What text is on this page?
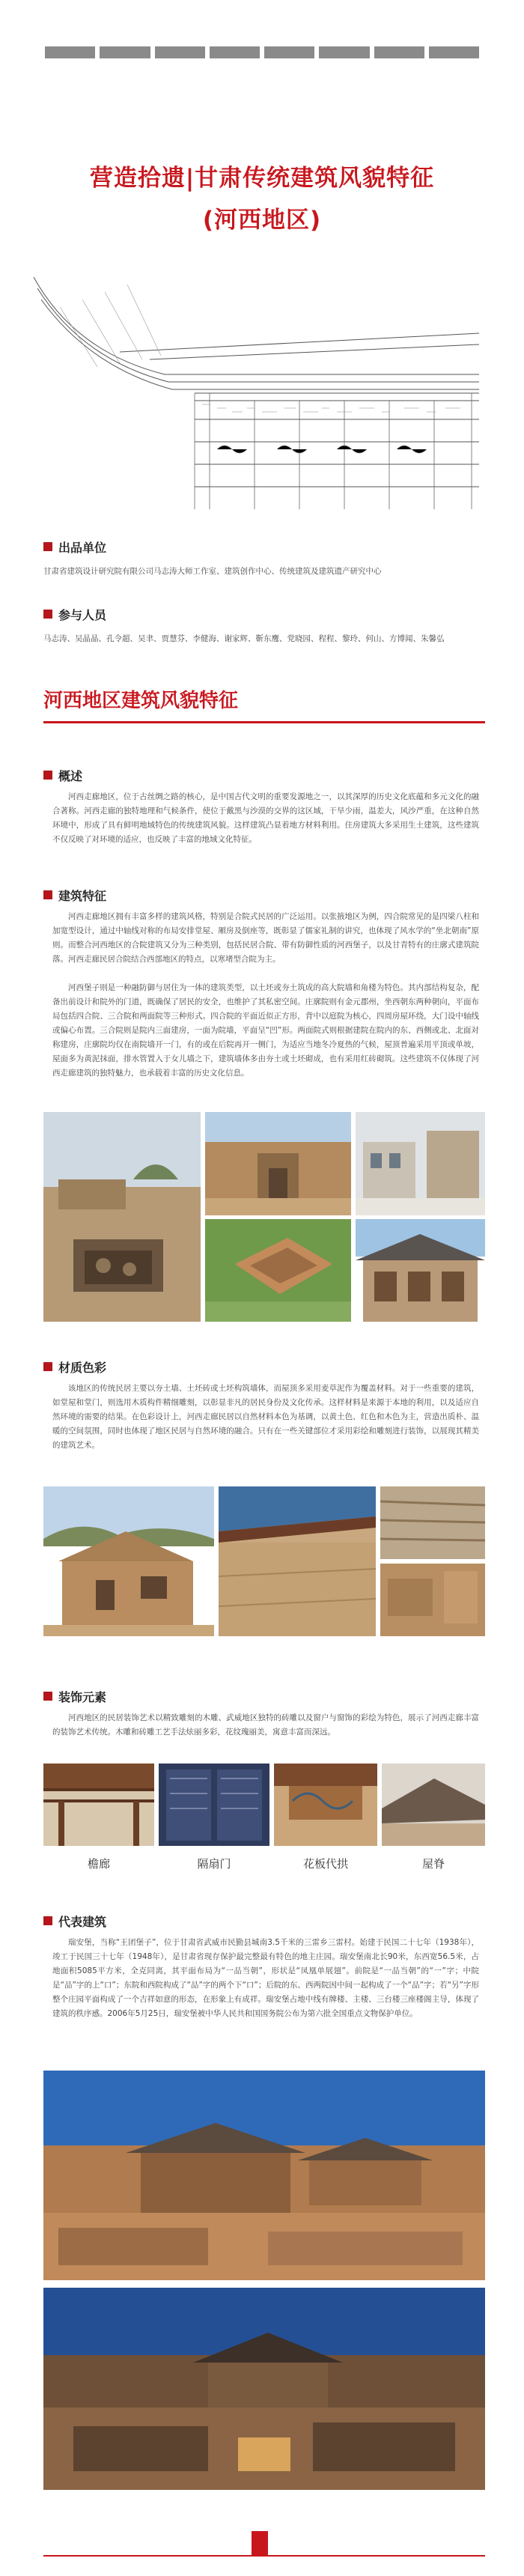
营造拾遗|甘肃传统建筑风貌特征
(河西地区)
出品单位
甘肃省建筑设计研究院有限公司马志涛大师工作室、建筑创作中心、传统建筑及建筑遗产研究中心
参与人员
马志涛、吴晶晶、孔令超、吴聿、贾慧芬、李健海、谢家辉、靳东鹰、党晓园、程程、黎玲、何山、方博闻、朱馨弘
河西地区建筑风貌特征
概述
河西走廊地区，位于古丝绸之路的核心，是中国古代文明的重要发源地之一，以其深厚的历史文化底蕴和多元文化的融合著称。河西走廊的独特地理和气候条件，使位于戴黑与沙漠的交界的这区域，干旱少雨，温差大，风沙严重，在这种自然环境中，形成了具有鲜明地域特色的传统建筑风貌。这样建筑凸显着地方材料利用。住房建筑大多采用生土建筑，这些建筑不仅反映了对环境的适应，也反映了丰富的地域文化特征。
建筑特征
河西走廊地区拥有丰富多样的建筑风格，特别是合院式民居的广泛运用。以张掖地区为例，四合院常见的是四梁八柱和加宽型设计，通过中轴线对称的布局安排堂屋、厢房及倒座等，既彰显了儒家礼制的讲究，也体现了风水学的“坐北朝南”原则。而整合河西地区的合院建筑又分为三种类别，包括民居合院、带有防御性质的河西堡子，以及甘青特有的庄廓式建筑院落。河西走廊民居合院结合西部地区的特点，以寒堵型合院为主。
河西堡子则是一种融防御与居住为一体的建筑类型，以土坯或夯土筑成的高大院墙和角楼为特色。其内部结构复杂，配备出前设计和院外的门道，既确保了居民的安全，也维护了其私密空间。庄廓院则有金元郡州，坐西朝东两种朝向，平面布局包括四合院、三合院和两面院等三种形式。四合院的平面近似正方形，背中以庭院为核心，四周房屋环绕，大门设中轴线或偏心布置。三合院则是院内三面建房，一面为院墙，平面呈“凹”形。两面院式则根据建院在院内的东、西侧或北、北面对称建房，庄廓院均仅在南院墙开一门，有的或在后院再开一侧门，为适应当地冬冷夏热的气候，屋顶普遍采用平顶或单坡，屋面多为黄泥抹面，排水管置入于女儿墙之下，建筑墙体多由夯土或土坯砌成，也有采用红砖砌筑。这些建筑不仅体现了河西走廊建筑的独特魅力，也承载着丰富的历史文化信息。
材质色彩
该地区的传统民居主要以夯土墙、土坯砖或土坯构筑墙体，而屋顶多采用麦草泥作为覆盖材料。对于一些重要的建筑，如堂屋和堂门，则选用木质构件精细雕刻，以彰显非凡的居民身份及文化传承。这样材料是来源于本地的利用，以及适应自然环境的需要的结果。在色彩设计上，河西走廊民居以自然材料本色为基调，以黄土色、红色和木色为主，营造出质朴、温暖的空间氛围，同时也体现了地区民居与自然环境的融合。只有在一些关键部位才采用彩绘和雕刻进行装饰，以展现其精美的建筑艺术。
装饰元素
河西地区的民居装饰艺术以精致雕刻的木雕、武威地区独特的砖雕以及窗户与窗饰的彩绘为特色，展示了河西走廊丰富的装饰艺术传统。木雕和砖雕工艺手法炫丽多彩，花纹瑰丽美，寓意丰富而深远。
檐廊	隔扇门	花板代拱	屋脊
代表建筑
瑞安堡，当称“王团堡子”，位于甘肃省武威市民勤县城南3.5千米的三雷乡三雷村。始建于民国二十七年（1938年），竣工于民国三十七年（1948年），是甘肃省现存保护最完整最有特色的地主庄园。瑞安堡南北长90米，东西宽56.5米，占地面积5085平方米，全克同离，其平面布局为“一品当朝”，形状是“凤凰单展翅”。前院是“一品当朝”的“一”字；中院是“品”字的上“口”；东院和西院构成了“品”字的两个下“口”；后院的东、西两院因中间一起构成了一个“品”字；若“另”字形整个庄园平面构成了一个吉祥如意的形态，在形象上有成祥。瑞安堡占地中线有牌楼、主楼、三台楼三座楼阁主导，体现了建筑的秩序感。2006年5月25日，瑞安堡被中华人民共和国国务院公布为第六批全国重点文物保护单位。
